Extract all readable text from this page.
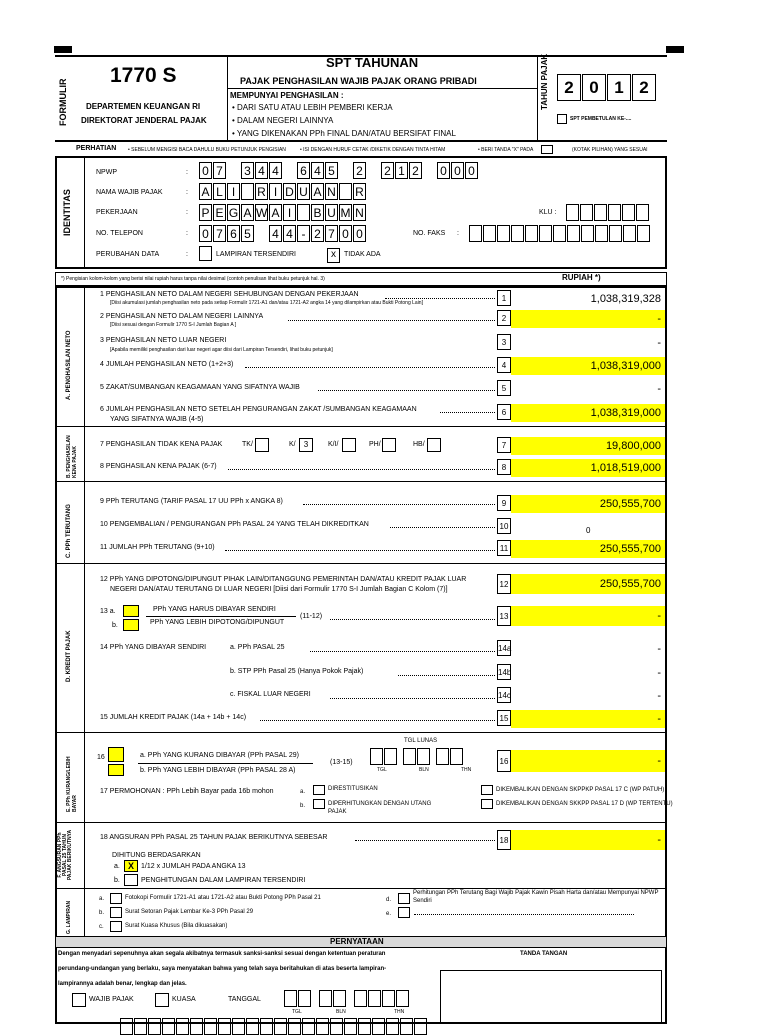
FORMULIR
1770 S
DEPARTEMEN KEUANGAN RI
DIREKTORAT JENDERAL PAJAK
SPT TAHUNAN
PAJAK PENGHASILAN WAJIB PAJAK ORANG PRIBADI
MEMPUNYAI PENGHASILAN :
• DARI SATU ATAU LEBIH PEMBERI KERJA
• DALAM NEGERI LAINNYA
• YANG DIKENAKAN PPh FINAL DAN/ATAU BERSIFAT FINAL
TAHUN PAJAK 2 0 1 2
SPT PEMBETULAN KE-....
PERHATIAN • SEBELUM MENGISI BACA DAHULU BUKU PETUNJUK PENGISIAN	• ISI DENGAN HURUF CETAK /DIKETIK DENGAN TINTA HITAM	• BERI TANDA "X" PADA	(KOTAK PILIHAN) YANG SESUAI
IDENTITAS
NPWP	: 0 7 3 4 4 6 4 5 2 2 1 2 0 0 0
NAMA WAJIB PAJAK	: A L I	R I D U A N R
PEKERJAAN	: P E G A W A I	B U M N	KLU :
NO. TELEPON	: 0 7 6 5 4 4 - 2 7 0 0	NO. FAKS :
PERUBAHAN DATA	:	LAMPIRAN TERSENDIRI	x	TIDAK ADA
*) Pengisian kolom-kolom yang berisi nilai rupiah harus tanpa nilai desimal (contoh penulisan lihat buku petunjuk hal. 3)	RUPIAH *)
A. PENGHASILAN NETO
1 PENGHASILAN NETO DALAM NEGERI SEHUBUNGAN DENGAN PEKERJAAN
[Diisi akumulasi jumlah penghasilan neto pada setiap Formulir 1721-A1 dan/atau 1721-A2 angka 14 yang dilampirkan atau Bukti Potong Lain]	1	1,038,319,328
2 PENGHASILAN NETO DALAM NEGERI LAINNYA
[Diisi sesuai dengan Formulir 1770 S-I Jumlah Bagian A ]
2	-
3 PENGHASILAN NETO LUAR NEGERI
[Apabila memiliki penghasilan dari luar negeri agar diisi dari Lampiran Tersendiri, lihat buku petunjuk]
3	-
4 JUMLAH PENGHASILAN NETO (1+2+3)	4	1,038,319,000
5 ZAKAT/SUMBANGAN KEAGAMAAN YANG SIFATNYA WAJIB	5	-
6 JUMLAH PENGHASILAN NETO SETELAH PENGURANGAN ZAKAT /SUMBANGAN KEAGAMAAN
YANG SIFATNYA WAJIB (4-5)
6	1,038,319,000
B. PENGHASILAN KENA PAJAK
7 PENGHASILAN TIDAK KENA PAJAK	TK/	K/	3	K/I/	PH/	HB/	7	19,800,000
8 PENGHASILAN KENA PAJAK (6-7)	8	1,018,519,000
C. PPh TERUTANG
9 PPh TERUTANG (TARIF PASAL 17 UU PPh x ANGKA 8)	9	250,555,700
10 PENGEMBALIAN / PENGURANGAN PPh PASAL 24 YANG TELAH DIKREDITKAN	10	0
11 JUMLAH PPh TERUTANG (9+10)	11	250,555,700
D. KREDIT PAJAK
12 PPh YANG DIPOTONG/DIPUNGUT PIHAK LAIN/DITANGGUNG PEMERINTAH DAN/ATAU KREDIT PAJAK LUAR
NEGERI DAN/ATAU TERUTANG DI LUAR NEGERI [Diisi dari Formulir 1770 S-I Jumlah Bagian C Kolom (7)]
12	250,555,700
13 a.
b.
PPh YANG HARUS DIBAYAR SENDIRI
PPh YANG LEBIH DIPOTONG/DIPUNGUT
(11-12)	13	-
14 PPh YANG DIBAYAR SENDIRI	a. PPh PASAL 25	14a	-
b. STP PPh Pasal 25 (Hanya Pokok Pajak)	14b	-
c. FISKAL LUAR NEGERI	14c	-
15 JUMLAH KREDIT PAJAK (14a + 14b + 14c)	15	-
E. PPh KURANG/LEBIH BAYAR
16	a. PPh YANG KURANG DIBAYAR (PPh PASAL 29)
b. PPh YANG LEBIH DIBAYAR (PPh PASAL 28 A)
(13-15)
TGL LUNAS
TGL	BLN	THN
16	-
17 PERMOHONAN : PPh Lebih Bayar pada 16b mohon	a.	DIRESTITUSIKAN
b.	DIPERHITUNGKAN DENGAN UTANG PAJAK
DIKEMBALIKAN DENGAN SKPPKP PASAL 17 C (WP PATUH)
DIKEMBALIKAN DENGAN SKKPP PASAL 17 D (WP TERTENTU)
F. ANGSURAN PPh PASAL 25 TAHUN PAJAK BERIKUTNYA	18 ANGSURAN PPh PASAL 25 TAHUN PAJAK BERIKUTNYA SEBESAR	18	-
DIHITUNG BERDASARKAN
a. X	1/12 x JUMLAH PADA ANGKA 13
b.	PENGHITUNGAN DALAM LAMPIRAN TERSENDIRI
G. LAMPIRAN
a.	Fotokopi Formulir 1721-A1 atau 1721-A2 atau Bukti Potong PPh Pasal 21
b.	Surat Setoran Pajak Lembar Ke-3 PPh Pasal 29
c.	Surat Kuasa Khusus (Bila dikuasakan)
d.
Perhitungan PPh Terutang Bagi Wajib Pajak Kawin Pisah Harta dan/atau Mempunyai NPWP Sendiri
e.
PERNYATAAN
Dengan menyadari sepenuhnya akan segala akibatnya termasuk sanksi-sanksi sesuai dengan ketentuan peraturan
perundang-undangan yang berlaku, saya menyatakan bahwa yang telah saya beritahukan di atas beserta lampiran-
lampirannya adalah benar, lengkap dan jelas.
TANDA TANGAN
WAJIB PAJAK	KUASA	TANGGAL
TGL	BLN	THN
